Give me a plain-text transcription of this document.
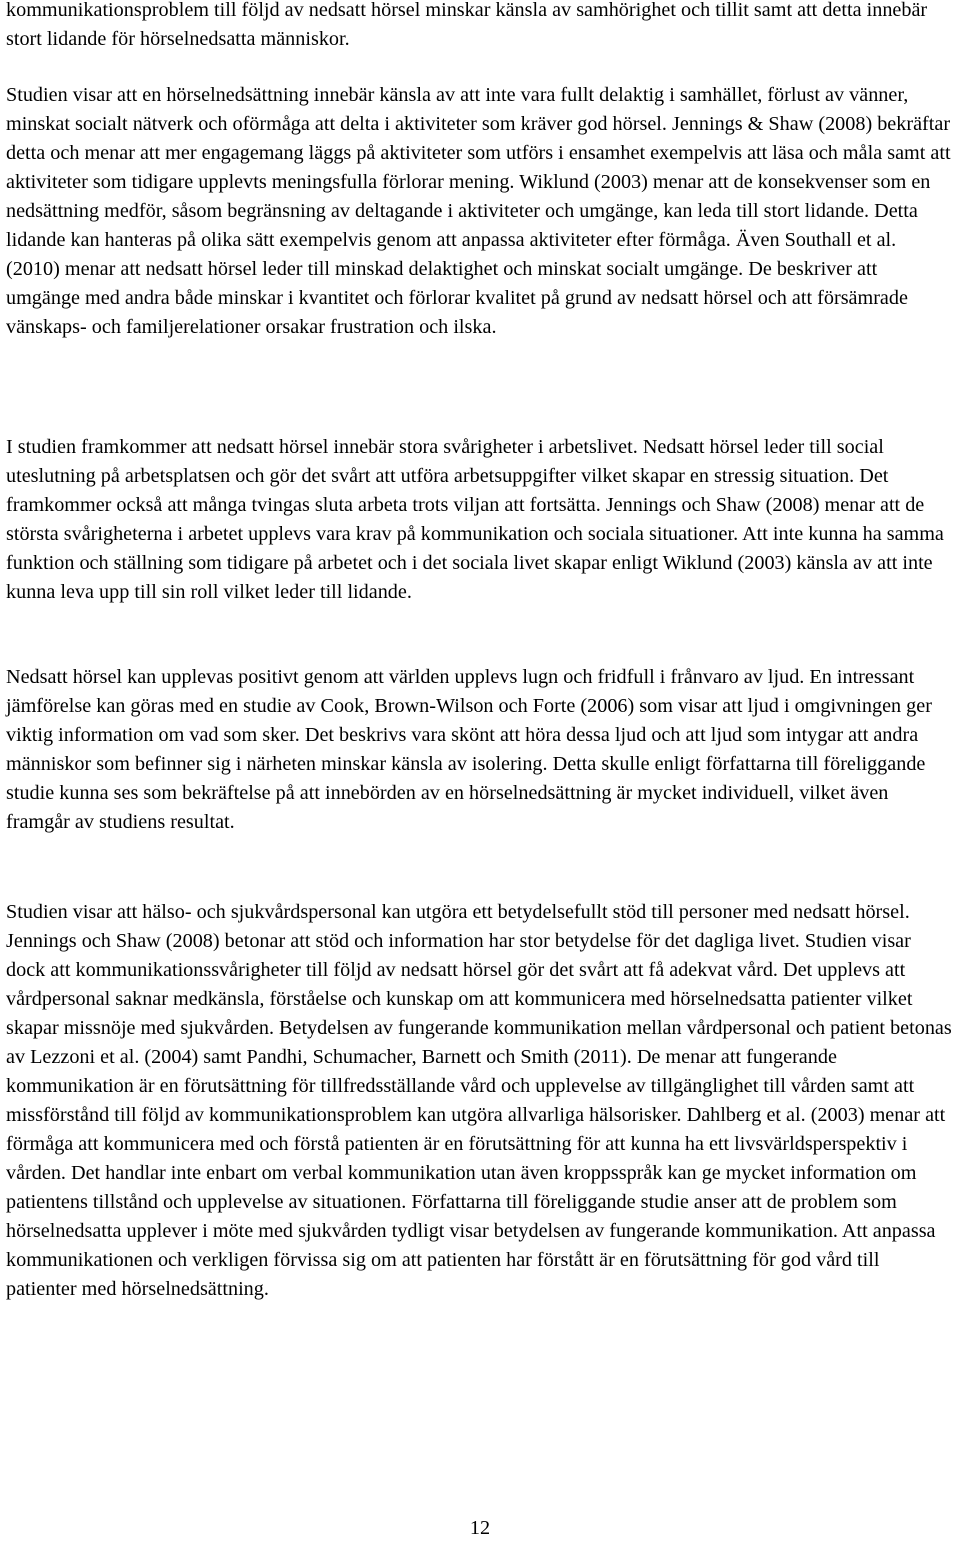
kommunikationsproblem till följd av nedsatt hörsel minskar känsla av samhörighet och tillit samt att detta innebär stort lidande för hörselnedsatta människor.

Studien visar att en hörselnedsättning innebär känsla av att inte vara fullt delaktig i samhället, förlust av vänner, minskat socialt nätverk och oförmåga att delta i aktiviteter som kräver god hörsel. Jennings & Shaw (2008) bekräftar detta och menar att mer engagemang läggs på aktiviteter som utförs i ensamhet exempelvis att läsa och måla samt att aktiviteter som tidigare upplevts meningsfulla förlorar mening. Wiklund (2003) menar att de konsekvenser som en nedsättning medför, såsom begränsning av deltagande i aktiviteter och umgänge, kan leda till stort lidande. Detta lidande kan hanteras på olika sätt exempelvis genom att anpassa aktiviteter efter förmåga. Även Southall et al. (2010) menar att nedsatt hörsel leder till minskad delaktighet och minskat socialt umgänge. De beskriver att umgänge med andra både minskar i kvantitet och förlorar kvalitet på grund av nedsatt hörsel och att försämrade vänskaps- och familjerelationer orsakar frustration och ilska.

I studien framkommer att nedsatt hörsel innebär stora svårigheter i arbetslivet. Nedsatt hörsel leder till social uteslutning på arbetsplatsen och gör det svårt att utföra arbetsuppgifter vilket skapar en stressig situation. Det framkommer också att många tvingas sluta arbeta trots viljan att fortsätta. Jennings och Shaw (2008) menar att de största svårigheterna i arbetet upplevs vara krav på kommunikation och sociala situationer. Att inte kunna ha samma funktion och ställning som tidigare på arbetet och i det sociala livet skapar enligt Wiklund (2003) känsla av att inte kunna leva upp till sin roll vilket leder till lidande.

Nedsatt hörsel kan upplevas positivt genom att världen upplevs lugn och fridfull i frånvaro av ljud. En intressant jämförelse kan göras med en studie av Cook, Brown-Wilson och Forte (2006) som visar att ljud i omgivningen ger viktig information om vad som sker. Det beskrivs vara skönt att höra dessa ljud och att ljud som intygar att andra människor som befinner sig i närheten minskar känsla av isolering. Detta skulle enligt författarna till föreliggande studie kunna ses som bekräftelse på att innebörden av en hörselnedsättning är mycket individuell, vilket även framgår av studiens resultat.

Studien visar att hälso- och sjukvårdspersonal kan utgöra ett betydelsefullt stöd till personer med nedsatt hörsel. Jennings och Shaw (2008) betonar att stöd och information har stor betydelse för det dagliga livet. Studien visar dock att kommunikationssvårigheter till följd av nedsatt hörsel gör det svårt att få adekvat vård. Det upplevs att vårdpersonal saknar medkänsla, förståelse och kunskap om att kommunicera med hörselnedsatta patienter vilket skapar missnöje med sjukvården. Betydelsen av fungerande kommunikation mellan vårdpersonal och patient betonas av Lezzoni et al. (2004) samt Pandhi, Schumacher, Barnett och Smith (2011). De menar att fungerande kommunikation är en förutsättning för tillfredsställande vård och upplevelse av tillgänglighet till vården samt att missförstånd till följd av kommunikationsproblem kan utgöra allvarliga hälsorisker. Dahlberg et al. (2003) menar att förmåga att kommunicera med och förstå patienten är en förutsättning för att kunna ha ett livsvärldsperspektiv i vården. Det handlar inte enbart om verbal kommunikation utan även kroppsspråk kan ge mycket information om patientens tillstånd och upplevelse av situationen. Författarna till föreliggande studie anser att de problem som hörselnedsatta upplever i möte med sjukvården tydligt visar betydelsen av fungerande kommunikation. Att anpassa kommunikationen och verkligen förvissa sig om att patienten har förstått är en förutsättning för god vård till patienter med hörselnedsättning.

12
